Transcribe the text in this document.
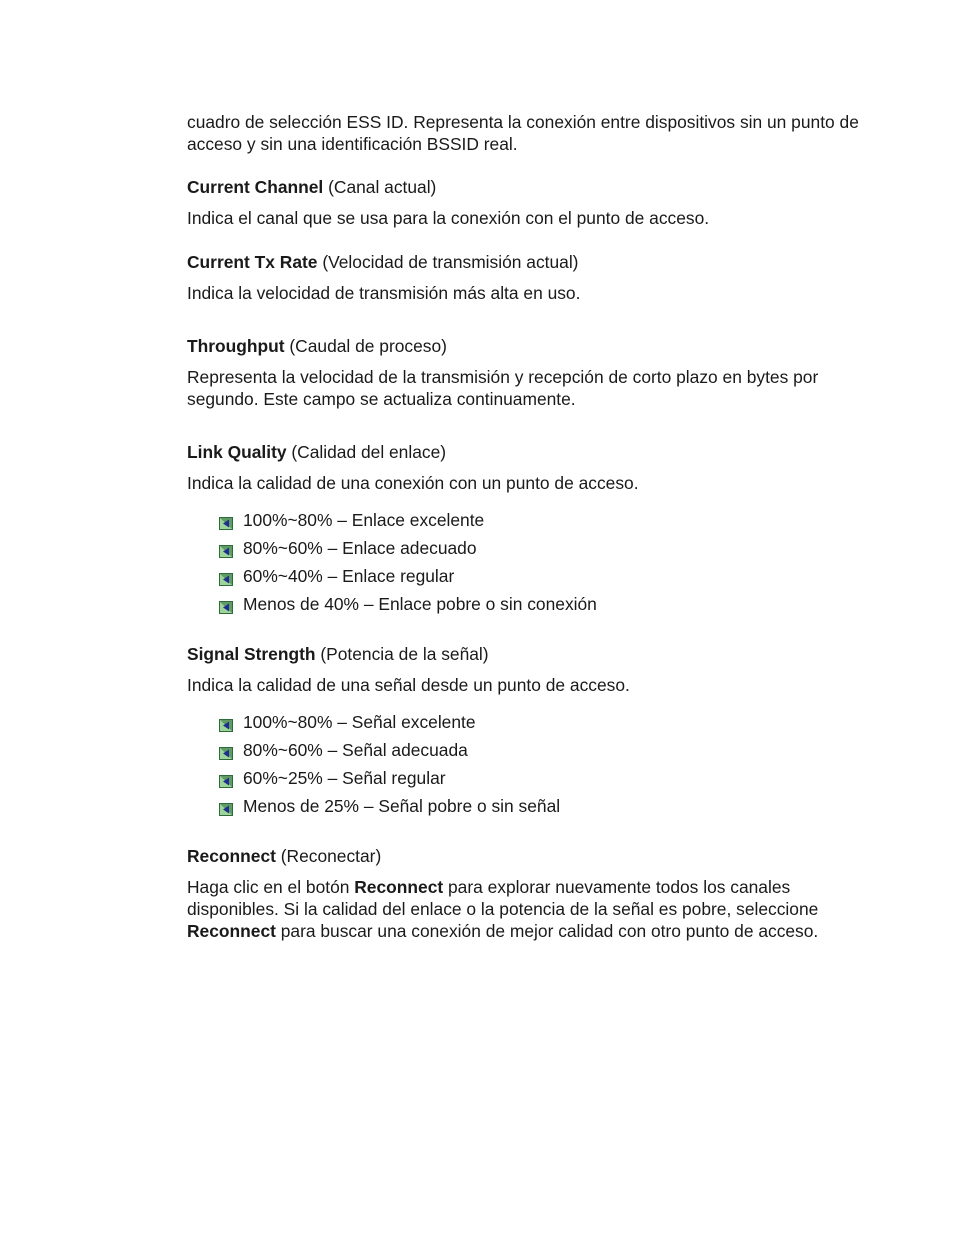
cuadro de selección ESS ID. Representa la conexión entre dispositivos sin un punto de acceso y sin una identificación BSSID real.

Current Channel (Canal actual)

Indica el canal que se usa para la conexión con el punto de acceso.

Current Tx Rate (Velocidad de transmisión actual)

Indica la velocidad de transmisión más alta en uso.

Throughput (Caudal de proceso)

Representa la velocidad de la transmisión y recepción de corto plazo en bytes por segundo. Este campo se actualiza continuamente.

Link Quality (Calidad del enlace)

Indica la calidad de una conexión con un punto de acceso.

100%~80% – Enlace excelente
80%~60% – Enlace adecuado
60%~40% – Enlace regular
Menos de 40% – Enlace pobre o sin conexión

Signal Strength (Potencia de la señal)

Indica la calidad de una señal desde un punto de acceso.

100%~80% – Señal excelente
80%~60% – Señal adecuada
60%~25% – Señal regular
Menos de 25% – Señal pobre o sin señal

Reconnect (Reconectar)

Haga clic en el botón Reconnect para explorar nuevamente todos los canales disponibles. Si la calidad del enlace o la potencia de la señal es pobre, seleccione Reconnect para buscar una conexión de mejor calidad con otro punto de acceso.
